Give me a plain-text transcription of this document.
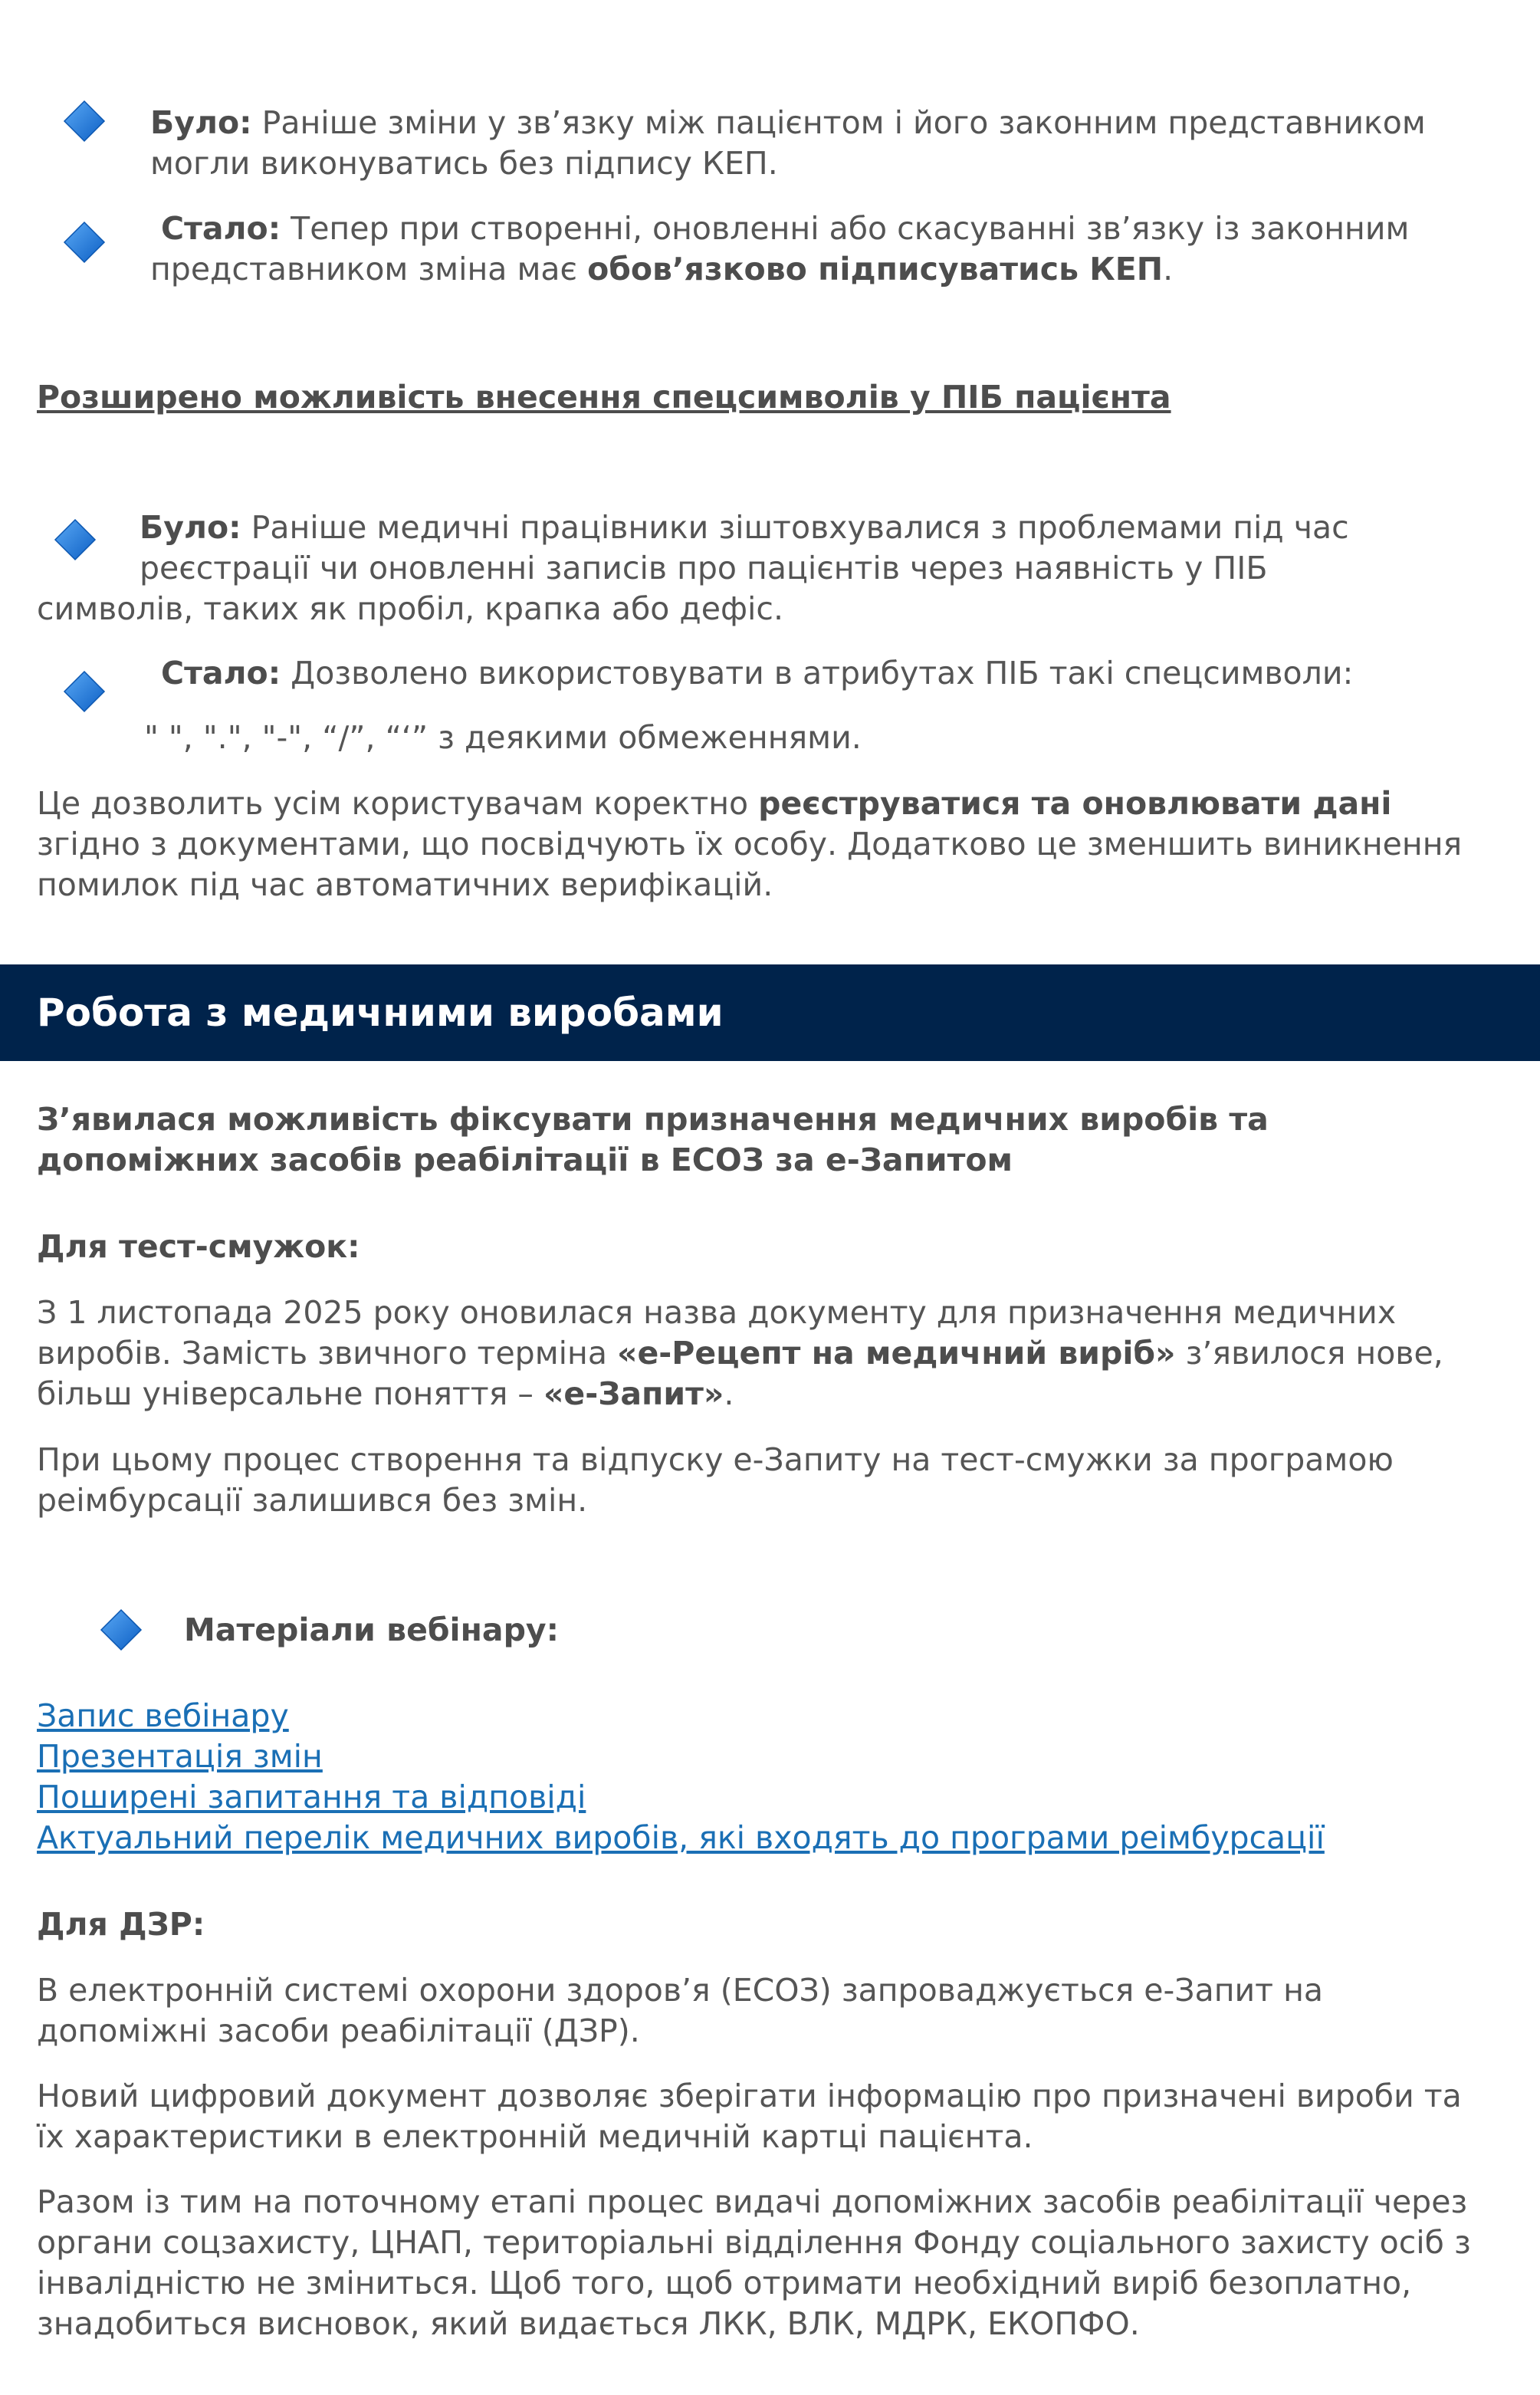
Було: Раніше зміни у зв’язку між пацієнтом і його законним представником могли виконуватись без підпису КЕП.

Стало: Тепер при створенні, оновленні або скасуванні зв’язку із законним представником зміна має обов’язково підписуватись КЕП.

Розширено можливість внесення спецсимволів у ПІБ пацієнта

Було: Раніше медичні працівники зіштовхувалися з проблемами під час
реєстрації чи оновленні записів про пацієнтів через наявність у ПІБ
символів, таких як пробіл, крапка або дефіс.

Стало: Дозволено використовувати в атрибутах ПІБ такі спецсимволи:

" ", ".", "-", “/”, “‘” з деякими обмеженнями.

Це дозволить усім користувачам коректно реєструватися та оновлювати дані згідно з документами, що посвідчують їх особу. Додатково це зменшить виникнення помилок під час автоматичних верифікацій.

Робота з медичними виробами

З’явилася можливість фіксувати призначення медичних виробів та допоміжних засобів реабілітації в ЕСОЗ за е-Запитом

Для тест-смужок:

З 1 листопада 2025 року оновилася назва документу для призначення медичних виробів. Замість звичного терміна «е-Рецепт на медичний виріб» з’явилося нове, більш універсальне поняття – «е-Запит».

При цьому процес створення та відпуску е-Запиту на тест-смужки за програмою реімбурсації залишився без змін.

Матеріали вебінару:

Запис вебінару
Презентація змін
Поширені запитання та відповіді
Актуальний перелік медичних виробів, які входять до програми реімбурсації

Для ДЗР:

В електронній системі охорони здоров’я (ЕСОЗ) запроваджується е-Запит на допоміжні засоби реабілітації (ДЗР).

Новий цифровий документ дозволяє зберігати інформацію про призначені вироби та їх характеристики в електронній медичній картці пацієнта.

Разом із тим на поточному етапі процес видачі допоміжних засобів реабілітації через органи соцзахисту, ЦНАП, територіальні відділення Фонду соціального захисту осіб з інвалідністю не зміниться. Щоб того, щоб отримати необхідний виріб безоплатно, знадобиться висновок, який видається ЛКК, ВЛК, МДРК, ЕКОПФО.
